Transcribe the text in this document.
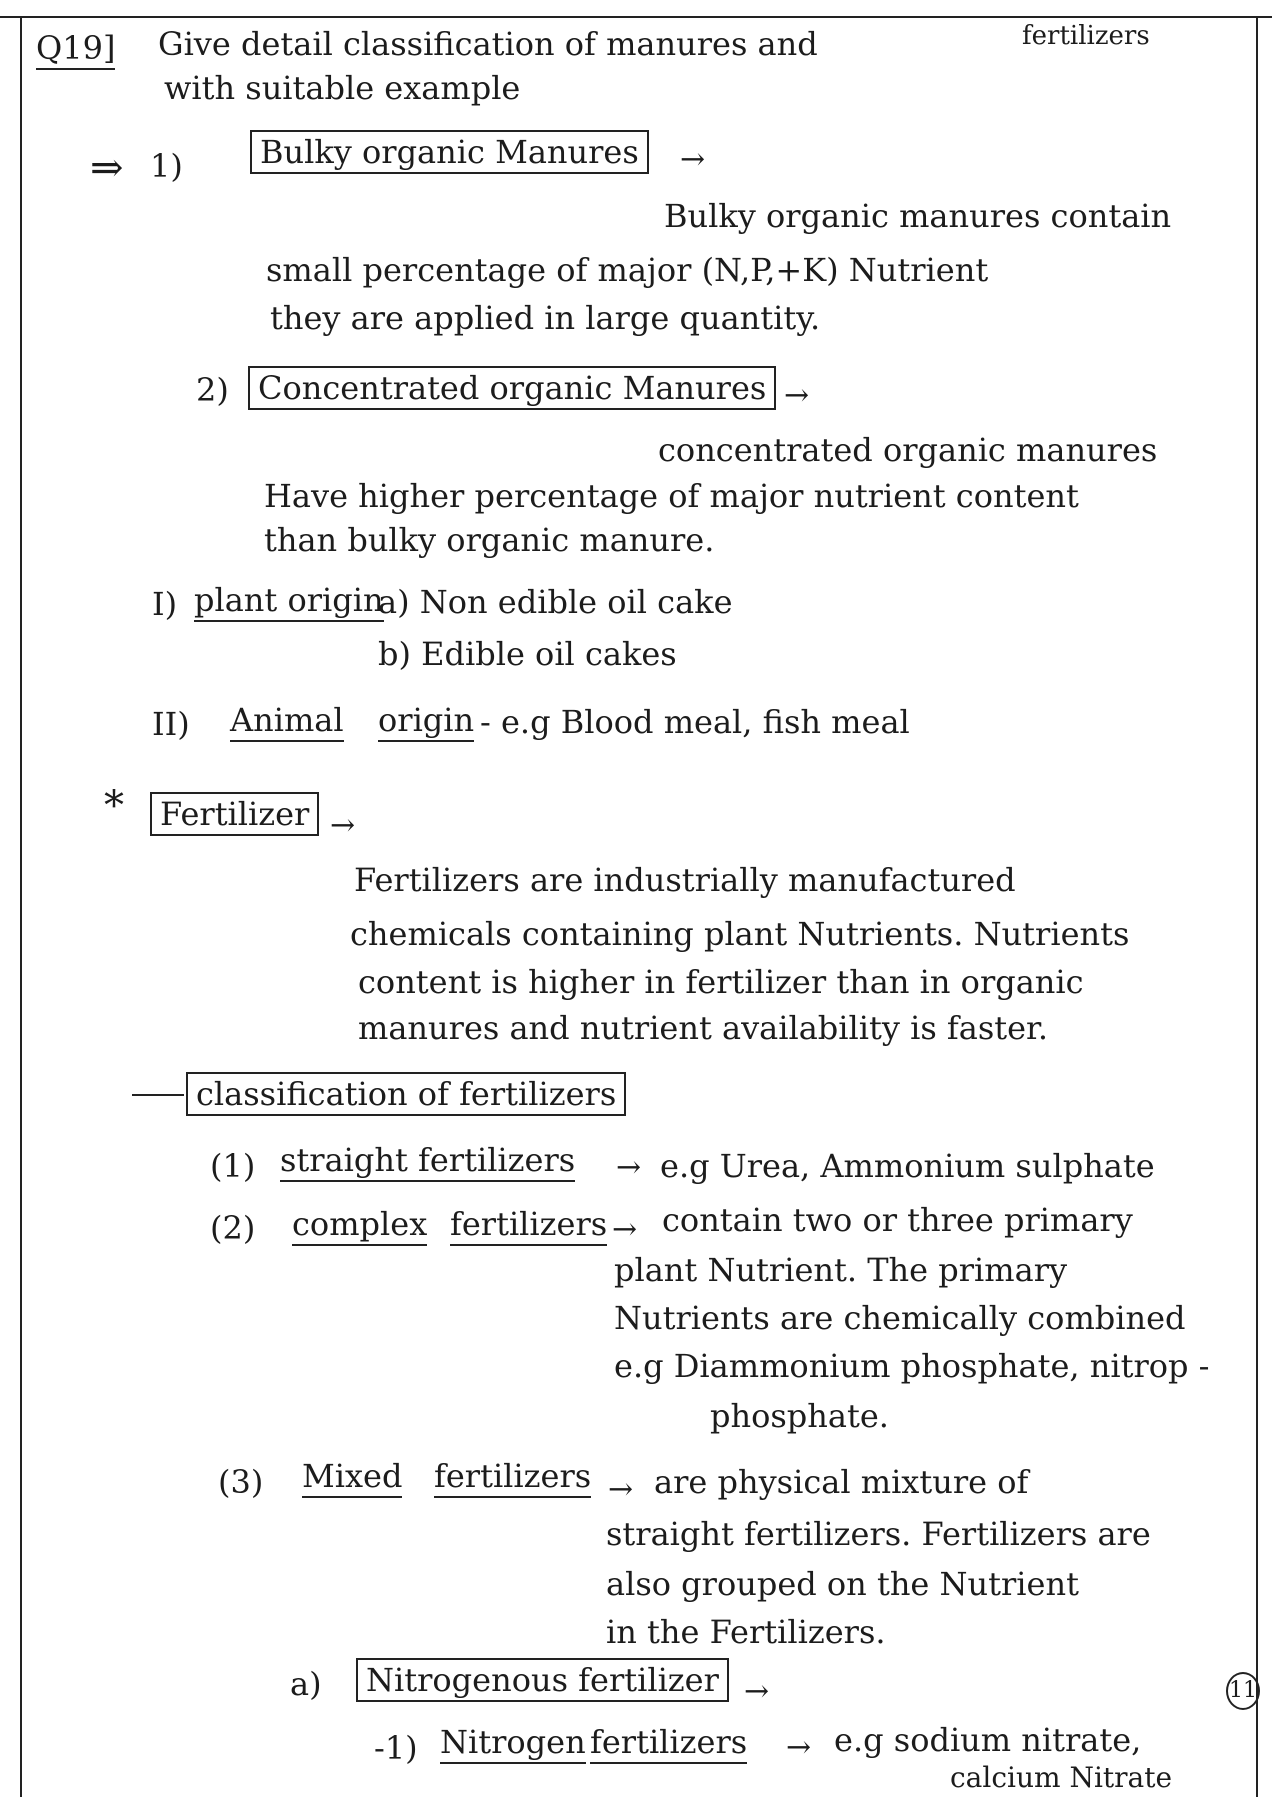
Q19] Give detail classification of manures and	fertilizers
with suitable example
⇒ 1)	Bulky organic Manures	→
Bulky organic manures contain
small percentage of major (N,P,+K) Nutrient
they are applied in large quantity.
2) Concentrated organic Manures →
concentrated organic manures
Have higher percentage of major nutrient content
than bulky organic manure.
I) plant origin
a) Non edible oil cake
b) Edible oil cakes
II) Animal origin - e.g Blood meal, fish meal
*	Fertilizer →
Fertilizers are industrially manufactured
chemicals containing plant Nutrients. Nutrients
content is higher in fertilizer than in organic
manures and nutrient availability is faster.
classification of fertilizers
(1) straight fertilizers → e.g Urea, Ammonium sulphate
(2) complex fertilizers → contain two or three primary
plant Nutrient. The primary
Nutrients are chemically combined
e.g Diammonium phosphate, nitrop -
phosphate.
(3) Mixed fertilizers → are physical mixture of
straight fertilizers. Fertilizers are
also grouped on the Nutrient
in the Fertilizers.
a)	Nitrogenous fertilizer →
-1) Nitrogen fertilizers → e.g sodium nitrate,
calcium Nitrate
11
